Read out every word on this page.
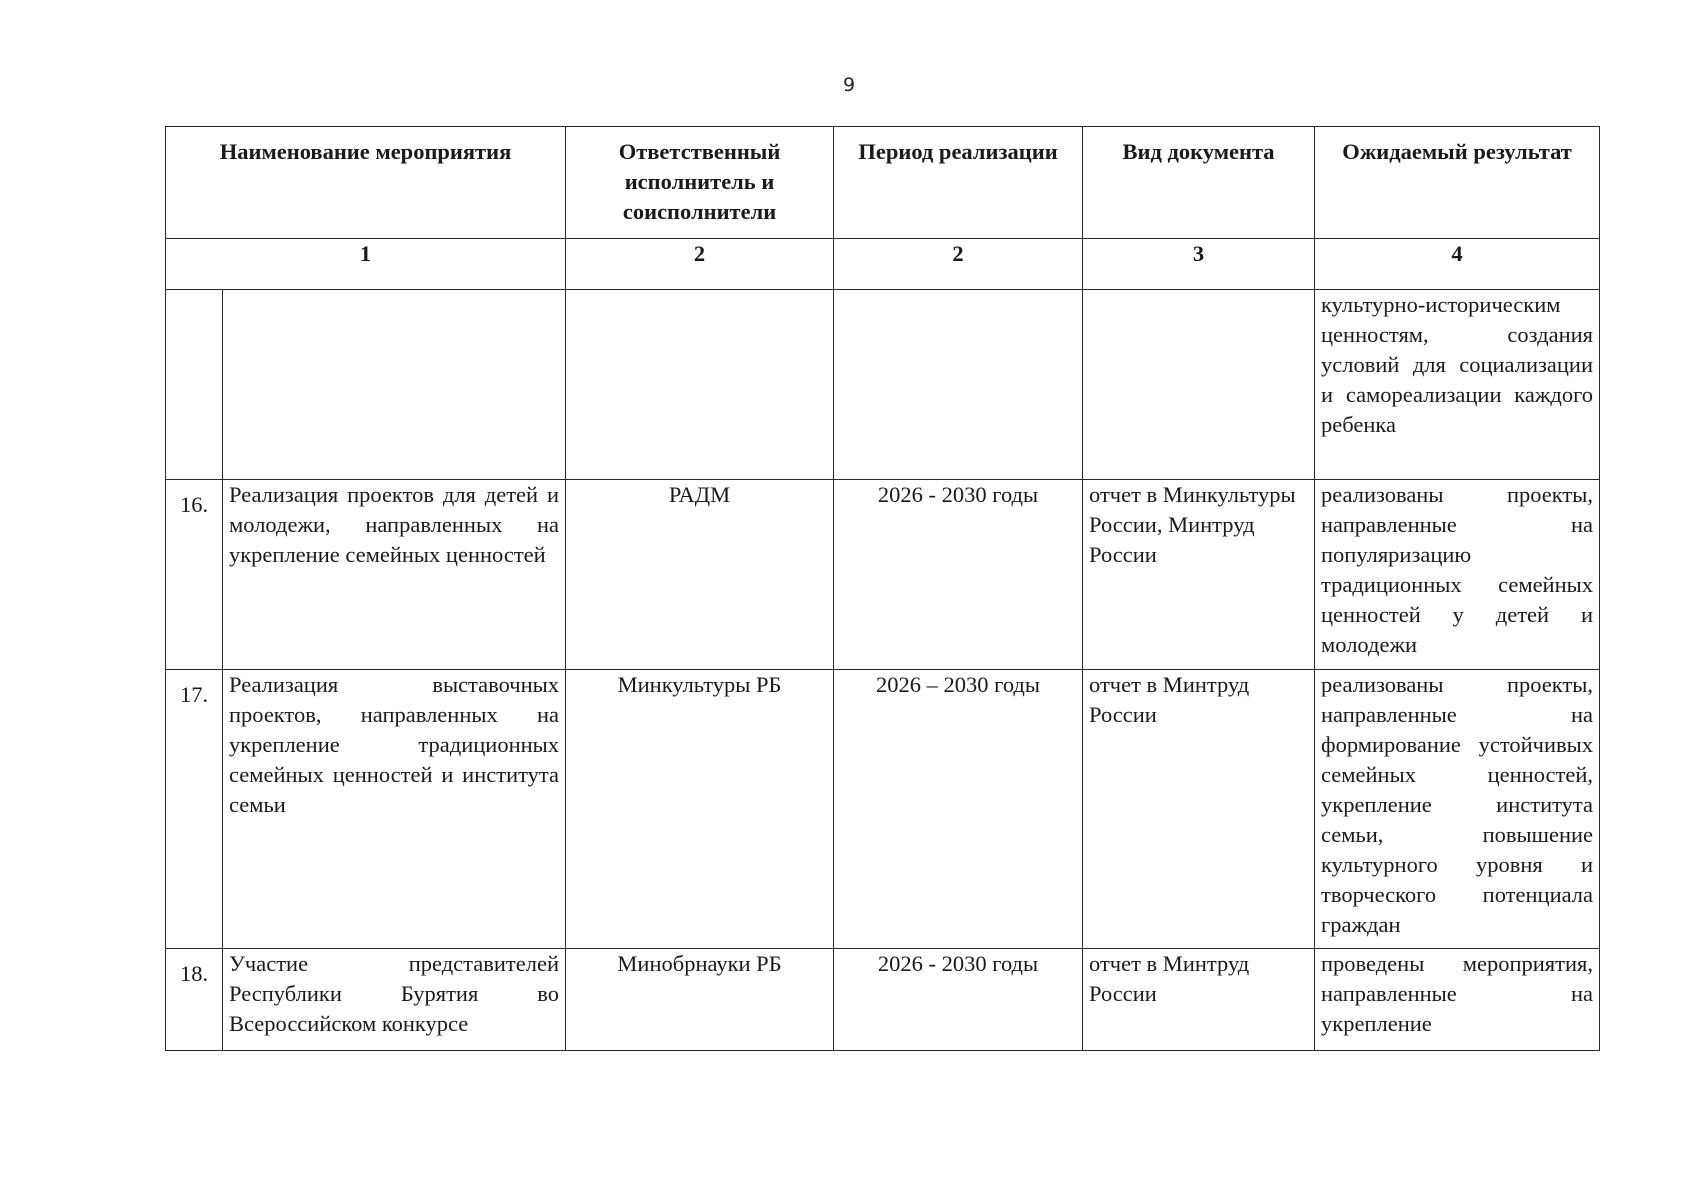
9
Наименование мероприятия		Ответственный исполнитель и соисполнители	Период реализации	Вид документа	Ожидаемый результат
1		2	2	3	4
					культурно-историческим ценностям, создания условий для социализации и самореализации каждого ребенка
16.	Реализация проектов для детей и молодежи, направленных на укрепление семейных ценностей	РАДМ	2026 - 2030 годы	отчет в Минкультуры России, Минтруд России	реализованы проекты, направленные на популяризацию традиционных семейных ценностей у детей и молодежи
17.	Реализация выставочных проектов, направленных на укрепление традиционных семейных ценностей и института семьи	Минкультуры РБ	2026 – 2030 годы	отчет в Минтруд России	реализованы проекты, направленные на формирование устойчивых семейных ценностей, укрепление института семьи, повышение культурного уровня и творческого потенциала граждан
18.	Участие представителей Республики Бурятия во Всероссийском конкурсе	Минобрнауки РБ	2026 - 2030 годы	отчет в Минтруд России	проведены мероприятия, направленные на укрепление
